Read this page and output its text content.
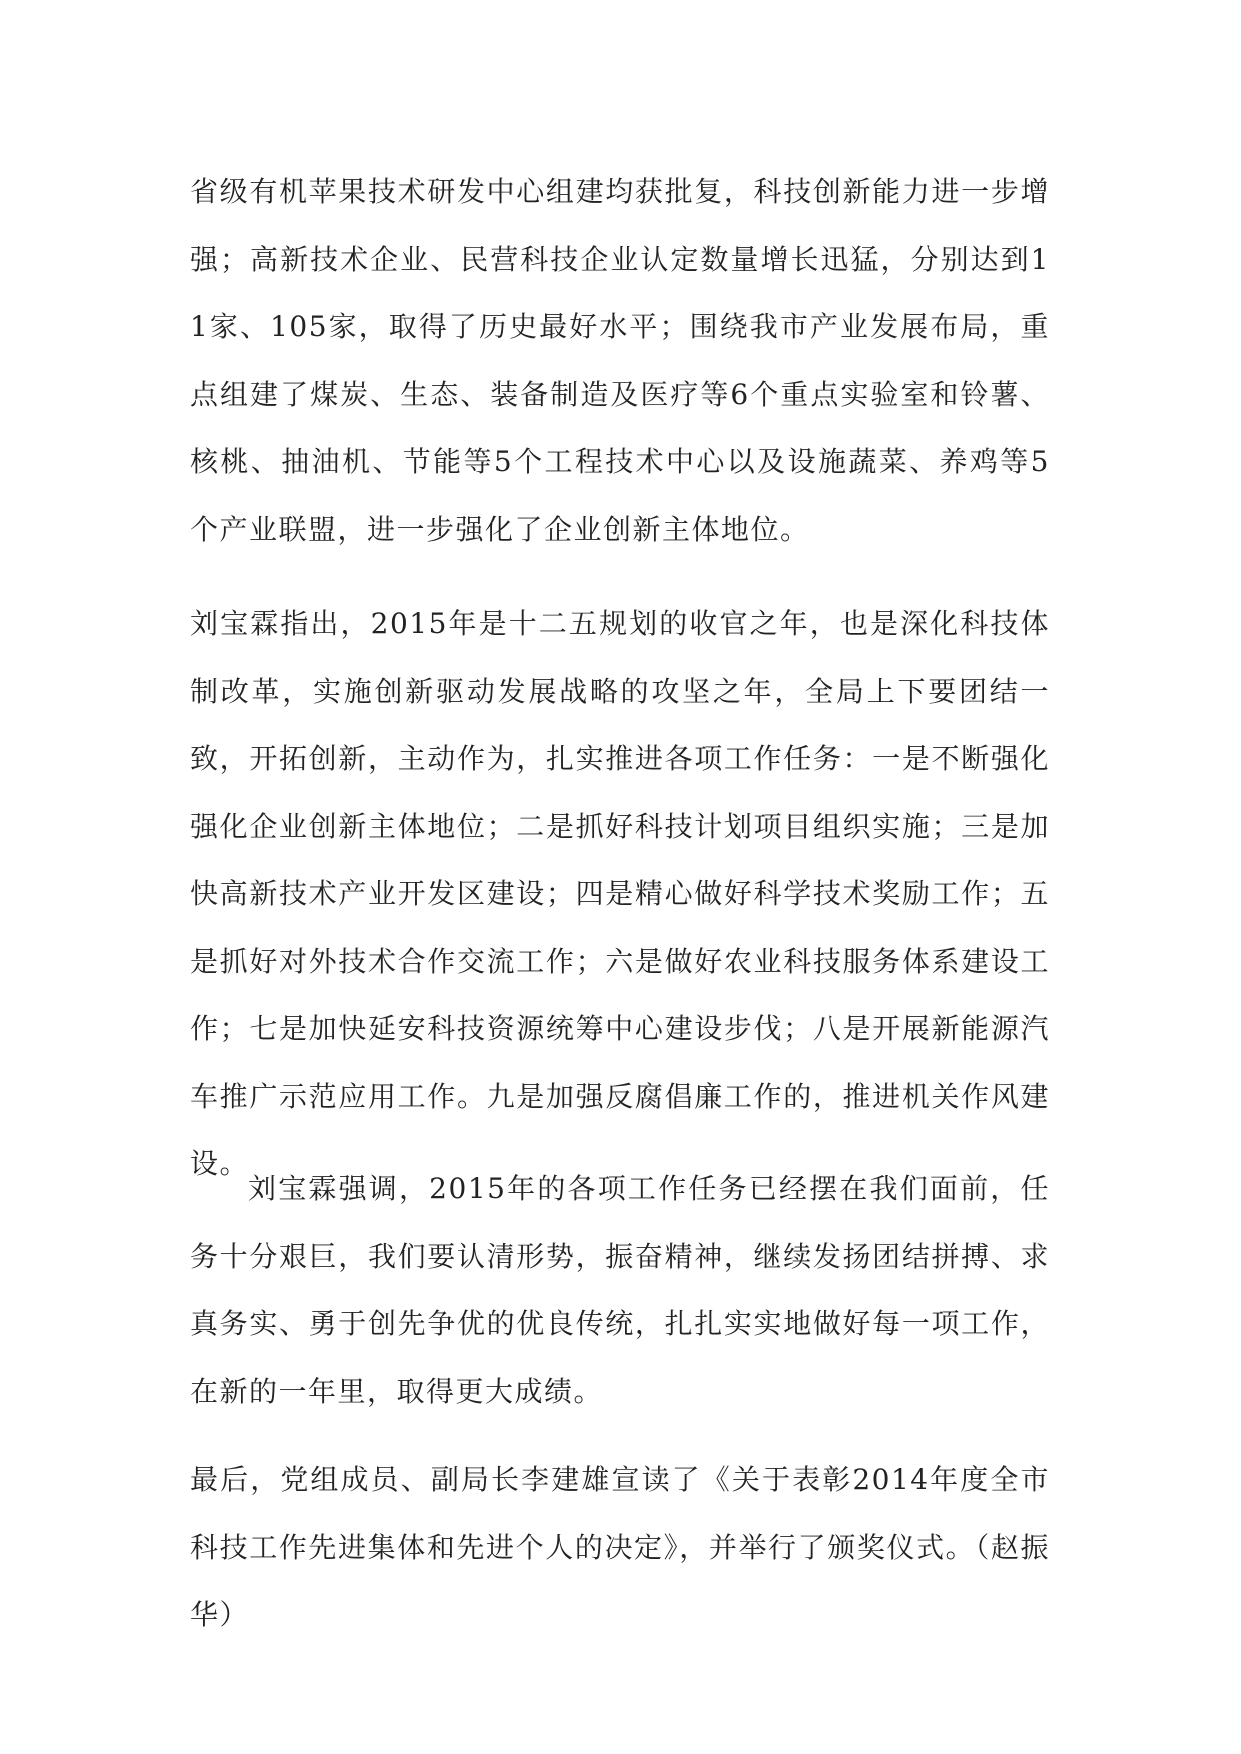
省级有机苹果技术研发中心组建均获批复，科技创新能力进一步增强；高新技术企业、民营科技企业认定数量增长迅猛，分别达到11家、105家，取得了历史最好水平；围绕我市产业发展布局，重点组建了煤炭、生态、装备制造及医疗等6个重点实验室和铃薯、核桃、抽油机、节能等5个工程技术中心以及设施蔬菜、养鸡等5个产业联盟，进一步强化了企业创新主体地位。

刘宝霖指出，2015年是十二五规划的收官之年，也是深化科技体制改革，实施创新驱动发展战略的攻坚之年，全局上下要团结一致，开拓创新，主动作为，扎实推进各项工作任务：一是不断强化强化企业创新主体地位；二是抓好科技计划项目组织实施；三是加快高新技术产业开发区建设；四是精心做好科学技术奖励工作；五是抓好对外技术合作交流工作；六是做好农业科技服务体系建设工作；七是加快延安科技资源统筹中心建设步伐；八是开展新能源汽车推广示范应用工作。九是加强反腐倡廉工作的，推进机关作风建设。

刘宝霖强调，2015年的各项工作任务已经摆在我们面前，任务十分艰巨，我们要认清形势，振奋精神，继续发扬团结拼搏、求真务实、勇于创先争优的优良传统，扎扎实实地做好每一项工作，在新的一年里，取得更大成绩。

最后，党组成员、副局长李建雄宣读了《关于表彰2014年度全市科技工作先进集体和先进个人的决定》，并举行了颁奖仪式。（赵振华）
